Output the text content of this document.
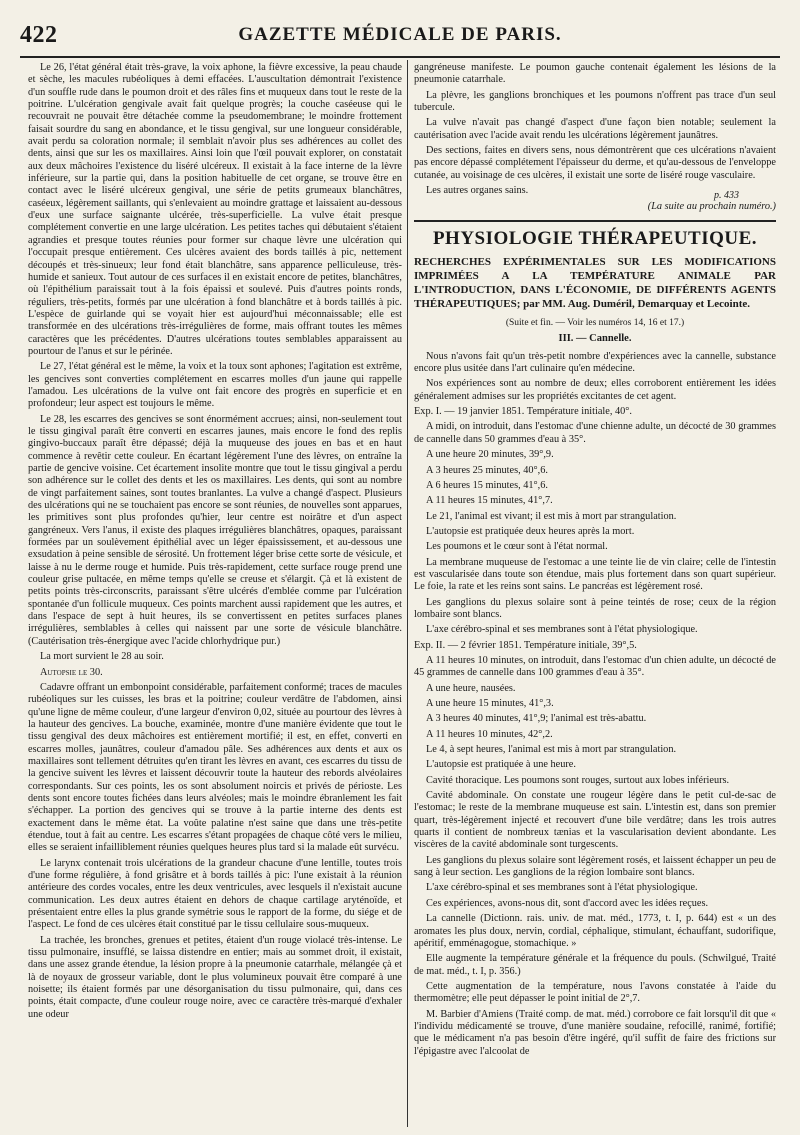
422	GAZETTE MÉDICALE DE PARIS.

Le 26, l'état général était très-grave, la voix aphone, la fièvre excessive, la peau chaude et sèche, les macules rubéoliques à demi effacées. L'auscultation démontrait l'existence d'un souffle rude dans le poumon droit et des râles fins et muqueux dans tout le reste de la poitrine. L'ulcération gengivale avait fait quelque progrès; la couche caséeuse qui le recouvrait ne pouvait être détachée comme la pseudomembrane; le moindre frottement faisait sourdre du sang en abondance, et le tissu gengival, sur une longueur considérable, avait perdu sa coloration normale; il semblait n'avoir plus ses adhérences au collet des dents, ainsi que sur les os maxillaires. Ainsi loin que l'œil pouvait explorer, on constatait aux deux mâchoires l'existence du liséré ulcéreux. Il existait à la face interne de la lèvre inférieure, sur la partie qui, dans la position habituelle de cet organe, se trouve être en contact avec le liséré ulcéreux gengival, une série de petits grumeaux blanchâtres, caséeux, légèrement saillants, qui s'enlevaient au moindre grattage et laissaient au-dessous d'eux une surface saignante ulcérée, très-superficielle. La vulve était presque complétement convertie en une large ulcération. Les petites taches qui débutaient s'étaient agrandies et presque toutes réunies pour former sur chaque lèvre une ulcération qui l'occupait presque entièrement. Ces ulcères avaient des bords taillés à pic, nettement découpés et très-sinueux; leur fond était blanchâtre, sans apparence pelliculeuse, très-humide et sanieux. Tout autour de ces surfaces il en existait encore de petites, blanchâtres, où l'épithélium paraissait tout à la fois épaissi et soulevé. Puis d'autres points ronds, réguliers, très-petits, formés par une ulcération à fond blanchâtre et à bords taillés à pic. L'espèce de guirlande qui se voyait hier est aujourd'hui méconnaissable; elle est transformée en des ulcérations très-irrégulières de forme, mais offrant toutes les mêmes caractères que les précédentes. D'autres ulcérations toutes semblables apparaissent au pourtour de l'anus et sur le périnée.

Le 27, l'état général est le même, la voix et la toux sont aphones; l'agitation est extrême, les gencives sont converties complétement en escarres molles d'un jaune qui rappelle l'amadou. Les ulcérations de la vulve ont fait encore des progrès en superficie et en profondeur; leur aspect est toujours le même.

Le 28, les escarres des gencives se sont énormément accrues; ainsi, non-seulement tout le tissu gingival paraît être converti en escarres jaunes, mais encore le fond des replis gingivo-buccaux paraît être dépassé; déjà la muqueuse des joues en bas et en haut commence à revêtir cette couleur. En écartant légèrement l'une des lèvres, on entraîne la partie de gencive voisine. Cet écartement insolite montre que tout le tissu gingival a perdu son adhérence sur le collet des dents et les os maxillaires. Les dents, qui sont au nombre de vingt parfaitement saines, sont toutes branlantes. La vulve a changé d'aspect. Plusieurs des ulcérations qui ne se touchaient pas encore se sont réunies, de nouvelles sont apparues, les primitives sont plus profondes qu'hier, leur centre est noirâtre et d'un aspect gangréneux. Vers l'anus, il existe des plaques irrégulières blanchâtres, opaques, paraissant formées par un soulèvement épithélial avec un léger épaississement, et au-dessous une exsudation à peine sensible de sérosité. Un frottement léger brise cette sorte de vésicule, et laisse à nu le derme rouge et humide. Puis très-rapidement, cette surface rouge prend une couleur grise pultacée, en même temps qu'elle se creuse et s'élargit. Çà et là existent de petits points très-circonscrits, paraissant s'être ulcérés d'emblée comme par l'ulcération spontanée d'un follicule muqueux. Ces points marchent aussi rapidement que les autres, et dans l'espace de sept à huit heures, ils se convertissent en petites surfaces planes irrégulières, semblables à celles qui naissent par une sorte de vésicule blanchâtre. (Cautérisation très-énergique avec l'acide chlorhydrique pur.)

La mort survient le 28 au soir.

Autopsie le 30.

Cadavre offrant un embonpoint considérable, parfaitement conformé; traces de macules rubéoliques sur les cuisses, les bras et la poitrine; couleur verdâtre de l'abdomen, ainsi qu'une ligne de même couleur, d'une largeur d'environ 0,02, située au pourtour des lèvres à la hauteur des gencives. La bouche, examinée, montre d'une manière évidente que tout le tissu gengival des deux mâchoires est entièrement mortifié; il est, en effet, converti en escarres molles, jaunâtres, couleur d'amadou pâle. Ses adhérences aux dents et aux os maxillaires sont tellement détruites qu'en tirant les lèvres en avant, ces escarres du tissu de la gencive suivent les lèvres et laissent découvrir toute la hauteur des rebords alvéolaires correspondants. Sur ces points, les os sont absolument noircis et privés de périoste. Les dents sont encore toutes fichées dans leurs alvéoles; mais le moindre ébranlement les fait s'échapper. La portion des gencives qui se trouve à la partie interne des dents est exactement dans le même état. La voûte palatine n'est saine que dans une très-petite étendue, tout à fait au centre. Les escarres s'étant propagées de chaque côté vers le milieu, elles se seraient infailliblement réunies quelques heures plus tard si la malade eût survécu.

Le larynx contenait trois ulcérations de la grandeur chacune d'une lentille, toutes trois d'une forme régulière, à fond grisâtre et à bords taillés à pic: l'une existait à la réunion antérieure des cordes vocales, entre les deux ventricules, avec lesquels il n'existait aucune communication. Les deux autres étaient en dehors de chaque cartilage aryténoïde, et présentaient entre elles la plus grande symétrie sous le rapport de la forme, du siége et de l'aspect. Le fond de ces ulcères était constitué par le tissu cellulaire sous-muqueux.

La trachée, les bronches, grenues et petites, étaient d'un rouge violacé très-intense. Le tissu pulmonaire, insufflé, se laissa distendre en entier; mais au sommet droit, il existait, dans une assez grande étendue, la lésion propre à la pneumonie catarrhale, mélangée çà et là de noyaux de grosseur variable, dont le plus volumineux pouvait être comparé à une noisette; ils étaient formés par une désorganisation du tissu pulmonaire, qui, dans ces points, était compacte, d'une couleur rouge noire, avec ce caractère très-marqué d'exhaler une odeur

gangréneuse manifeste. Le poumon gauche contenait également les lésions de la pneumonie catarrhale.

La plèvre, les ganglions bronchiques et les poumons n'offrent pas trace d'un seul tubercule.

La vulve n'avait pas changé d'aspect d'une façon bien notable; seulement la cautérisation avec l'acide avait rendu les ulcérations légèrement jaunâtres.

Des sections, faites en divers sens, nous démontrèrent que ces ulcérations n'avaient pas encore dépassé complétement l'épaisseur du derme, et qu'au-dessous de l'enveloppe cutanée, au voisinage de ces ulcères, il existait une sorte de liséré rouge vasculaire.

Les autres organes sains.

(La suite au prochain numéro.)
PHYSIOLOGIE THÉRAPEUTIQUE.
RECHERCHES EXPÉRIMENTALES SUR LES MODIFICATIONS IMPRIMÉES A LA TEMPÉRATURE ANIMALE PAR L'INTRODUCTION, DANS L'ÉCONOMIE, DE DIFFÉRENTS AGENTS THÉRAPEUTIQUES; par MM. Aug. Duméril, Demarquay et Lecointe.
(Suite et fin. — Voir les numéros 14, 16 et 17.)
III. — Cannelle.

Nous n'avons fait qu'un très-petit nombre d'expériences avec la cannelle, substance encore plus usitée dans l'art culinaire qu'en médecine.

Nos expériences sont au nombre de deux; elles corroborent entièrement les idées généralement admises sur les propriétés excitantes de cet agent.

Exp. I. — 19 janvier 1851. Température initiale, 40°.

A midi, on introduit, dans l'estomac d'une chienne adulte, un décocté de 30 grammes de cannelle dans 50 grammes d'eau à 35°.

A une heure 20 minutes, 39°,9.

A 3 heures 25 minutes, 40°,6.

A 6 heures 15 minutes, 41°,6.

A 11 heures 15 minutes, 41°,7.

Le 21, l'animal est vivant; il est mis à mort par strangulation.

L'autopsie est pratiquée deux heures après la mort.

Les poumons et le cœur sont à l'état normal.

La membrane muqueuse de l'estomac a une teinte lie de vin claire; celle de l'intestin est vascularisée dans toute son étendue, mais plus fortement dans son quart supérieur. Le foie, la rate et les reins sont sains. Le pancréas est légèrement rosé.

Les ganglions du plexus solaire sont à peine teintés de rose; ceux de la région lombaire sont blancs.

L'axe cérébro-spinal et ses membranes sont à l'état physiologique.

Exp. II. — 2 février 1851. Température initiale, 39°,5.

A 11 heures 10 minutes, on introduit, dans l'estomac d'un chien adulte, un décocté de 45 grammes de cannelle dans 100 grammes d'eau à 35°.

A une heure, nausées.

A une heure 15 minutes, 41°,3.

A 3 heures 40 minutes, 41°,9; l'animal est très-abattu.

A 11 heures 10 minutes, 42°,2.

Le 4, à sept heures, l'animal est mis à mort par strangulation.

L'autopsie est pratiquée à une heure.

Cavité thoracique. Les poumons sont rouges, surtout aux lobes inférieurs.

Cavité abdominale. On constate une rougeur légère dans le petit cul-de-sac de l'estomac; le reste de la membrane muqueuse est sain. L'intestin est, dans son premier quart, très-légèrement injecté et recouvert d'une bile verdâtre; dans les trois autres quarts il contient de nombreux tænias et la vascularisation devient abondante. Les viscères de la cavité abdominale sont turgescents.

Les ganglions du plexus solaire sont légèrement rosés, et laissent échapper un peu de sang à leur section. Les ganglions de la région lombaire sont blancs.

L'axe cérébro-spinal et ses membranes sont à l'état physiologique.

Ces expériences, avons-nous dit, sont d'accord avec les idées reçues.

La cannelle (Dictionn. rais. univ. de mat. méd., 1773, t. I, p. 644) est « un des aromates les plus doux, nervin, cordial, céphalique, stimulant, échauffant, sudorifique, apéritif, emménagogue, stomachique. »

Elle augmente la température générale et la fréquence du pouls. (Schwilgué, Traité de mat. méd., t. I, p. 356.)

Cette augmentation de la température, nous l'avons constatée à l'aide du thermomètre; elle peut dépasser le point initial de 2°,7.

M. Barbier d'Amiens (Traité comp. de mat. méd.) corrobore ce fait lorsqu'il dit que « l'individu médicamenté se trouve, d'une manière soudaine, refocillé, ranimé, fortifié; que le médicament n'a pas besoin d'être ingéré, qu'il suffit de faire des frictions sur l'épigastre avec l'alcoolat de

p. 433
